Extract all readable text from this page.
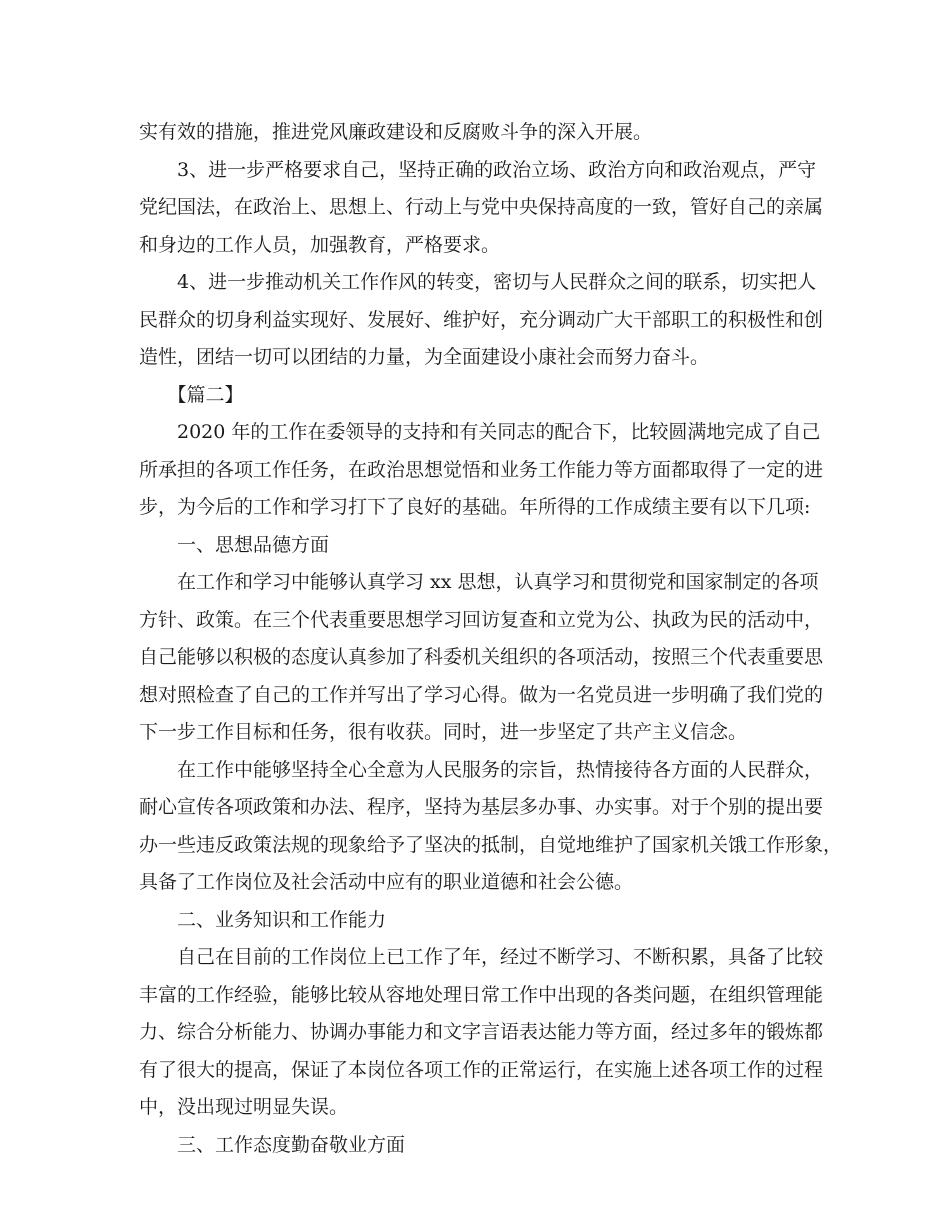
实有效的措施，推进党风廉政建设和反腐败斗争的深入开展。

3、进一步严格要求自己，坚持正确的政治立场、政治方向和政治观点，严守
党纪国法，在政治上、思想上、行动上与党中央保持高度的一致，管好自己的亲属
和身边的工作人员，加强教育，严格要求。

4、进一步推动机关工作作风的转变，密切与人民群众之间的联系，切实把人
民群众的切身利益实现好、发展好、维护好，充分调动广大干部职工的积极性和创
造性，团结一切可以团结的力量，为全面建设小康社会而努力奋斗。

【篇二】

2020 年的工作在委领导的支持和有关同志的配合下，比较圆满地完成了自己
所承担的各项工作任务，在政治思想觉悟和业务工作能力等方面都取得了一定的进
步，为今后的工作和学习打下了良好的基础。年所得的工作成绩主要有以下几项:

一、思想品德方面

在工作和学习中能够认真学习 xx 思想，认真学习和贯彻党和国家制定的各项
方针、政策。在三个代表重要思想学习回访复查和立党为公、执政为民的活动中，
自己能够以积极的态度认真参加了科委机关组织的各项活动，按照三个代表重要思
想对照检查了自己的工作并写出了学习心得。做为一名党员进一步明确了我们党的
下一步工作目标和任务，很有收获。同时，进一步坚定了共产主义信念。

在工作中能够坚持全心全意为人民服务的宗旨，热情接待各方面的人民群众，
耐心宣传各项政策和办法、程序，坚持为基层多办事、办实事。对于个别的提出要
办一些违反政策法规的现象给予了坚决的抵制，自觉地维护了国家机关饿工作形象，
具备了工作岗位及社会活动中应有的职业道德和社会公德。

二、业务知识和工作能力

自己在目前的工作岗位上已工作了年，经过不断学习、不断积累，具备了比较
丰富的工作经验，能够比较从容地处理日常工作中出现的各类问题，在组织管理能
力、综合分析能力、协调办事能力和文字言语表达能力等方面，经过多年的锻炼都
有了很大的提高，保证了本岗位各项工作的正常运行，在实施上述各项工作的过程
中，没出现过明显失误。

三、工作态度勤奋敬业方面
